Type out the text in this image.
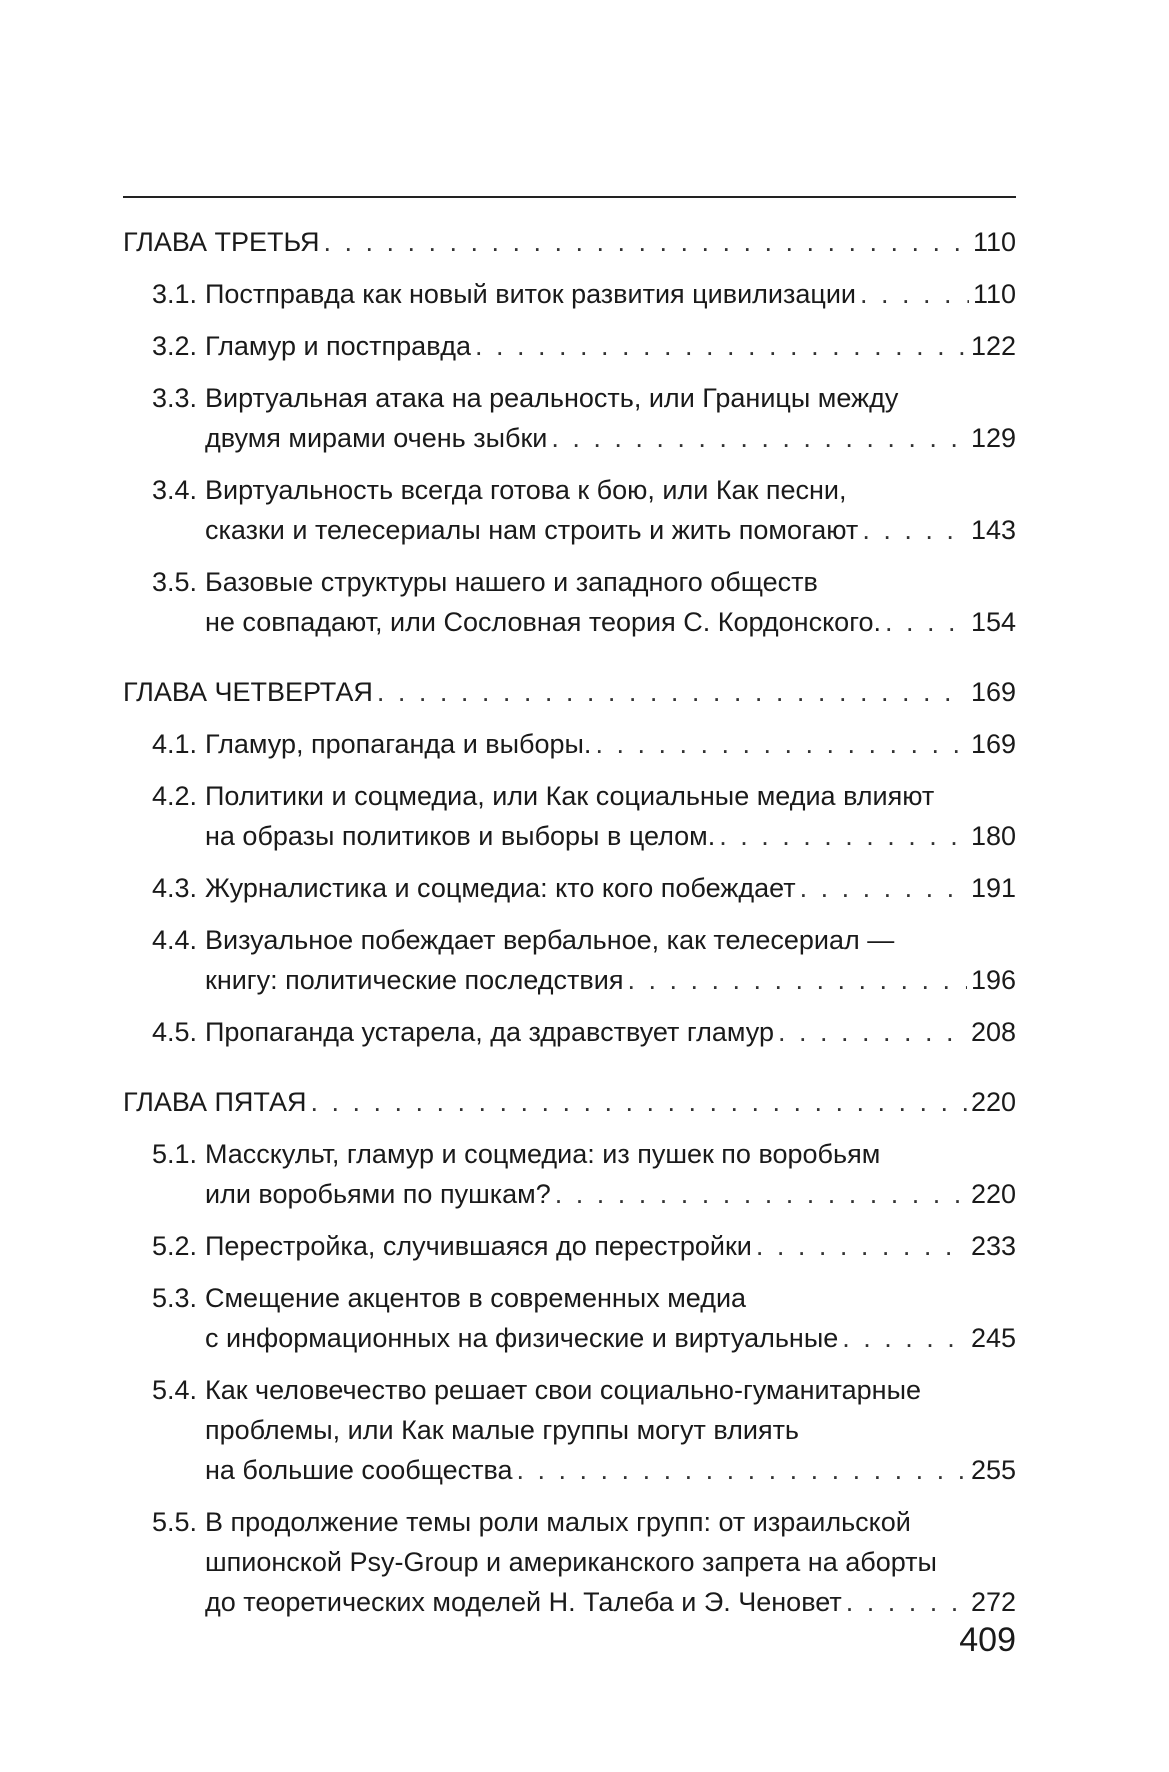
ГЛАВА ТРЕТЬЯ . . .	110
3.1. Постправда как новый виток развития цивилизации . . .	110
3.2. Гламур и постправда . . .	122
3.3. Виртуальная атака на реальность, или Границы между
двумя мирами очень зыбки . . .	129
3.4. Виртуальность всегда готова к бою, или Как песни,
сказки и телесериалы нам строить и жить помогают . . .	143
3.5. Базовые структуры нашего и западного обществ
не совпадают, или Сословная теория С. Кордонского. . . .	154
ГЛАВА ЧЕТВЕРТАЯ . . .	169
4.1. Гламур, пропаганда и выборы. . . .	169
4.2. Политики и соцмедиа, или Как социальные медиа влияют
на образы политиков и выборы в целом. . . .	180
4.3. Журналистика и соцмедиа: кто кого побеждает . . .	191
4.4. Визуальное побеждает вербальное, как телесериал —
книгу: политические последствия . . .	196
4.5. Пропаганда устарела, да здравствует гламур . . .	208
ГЛАВА ПЯТАЯ . . .	220
5.1. Масскульт, гламур и соцмедиа: из пушек по воробьям
или воробьями по пушкам? . . .	220
5.2. Перестройка, случившаяся до перестройки . . .	233
5.3. Смещение акцентов в современных медиа
с информационных на физические и виртуальные . . .	245
5.4. Как человечество решает свои социально-гуманитарные
проблемы, или Как малые группы могут влиять
на большие сообщества . . .	255
5.5. В продолжение темы роли малых групп: от израильской
шпионской Psy-Group и американского запрета на аборты
до теоретических моделей Н. Талеба и Э. Ченовет . . .	272
409
